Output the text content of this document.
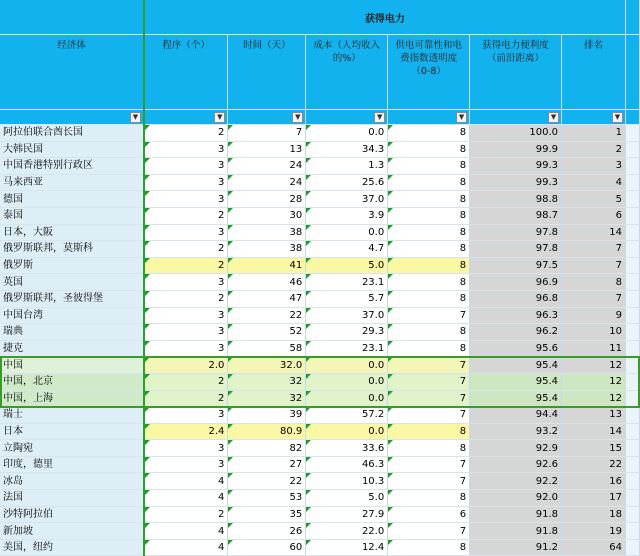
	获得电力						
经济体	程序（个）	时间（天）	成本（人均收入的%）	供电可靠性和电费指数透明度（0-8）	获得电力便利度（前沿距离）	排名	

▼	▼	▼	▼	▼	▼	▼	

阿拉伯联合酋长国	2	7	0.0	8	100.0	1	
大韩民国	3	13	34.3	8	99.9	2	
中国香港特别行政区	3	24	1.3	8	99.3	3	
马来西亚	3	24	25.6	8	99.3	4	
德国	3	28	37.0	8	98.8	5	
泰国	2	30	3.9	8	98.7	6	
日本，大阪	3	38	0.0	8	97.8	14	
俄罗斯联邦，莫斯科	2	38	4.7	8	97.8	7	
俄罗斯	2	41	5.0	8	97.5	7	
英国	3	46	23.1	8	96.9	8	
俄罗斯联邦，圣彼得堡	2	47	5.7	8	96.8	7	
中国台湾	3	22	37.0	7	96.3	9	
瑞典	3	52	29.3	8	96.2	10	
捷克	3	58	23.1	8	95.6	11	
中国	2.0	32.0	0.0	7	95.4	12	
中国，北京	2	32	0.0	7	95.4	12	
中国，上海	2	32	0.0	7	95.4	12	
瑞士	3	39	57.2	7	94.4	13	
日本	2.4	80.9	0.0	8	93.2	14	
立陶宛	3	82	33.6	8	92.9	15	
印度，德里	3	27	46.3	7	92.6	22	
冰岛	4	22	10.3	7	92.2	16	
法国	4	53	5.0	8	92.0	17	
沙特阿拉伯	2	35	27.9	6	91.8	18	
新加坡	4	26	22.0	7	91.8	19	
美国，纽约	4	60	12.4	8	91.2	64	
